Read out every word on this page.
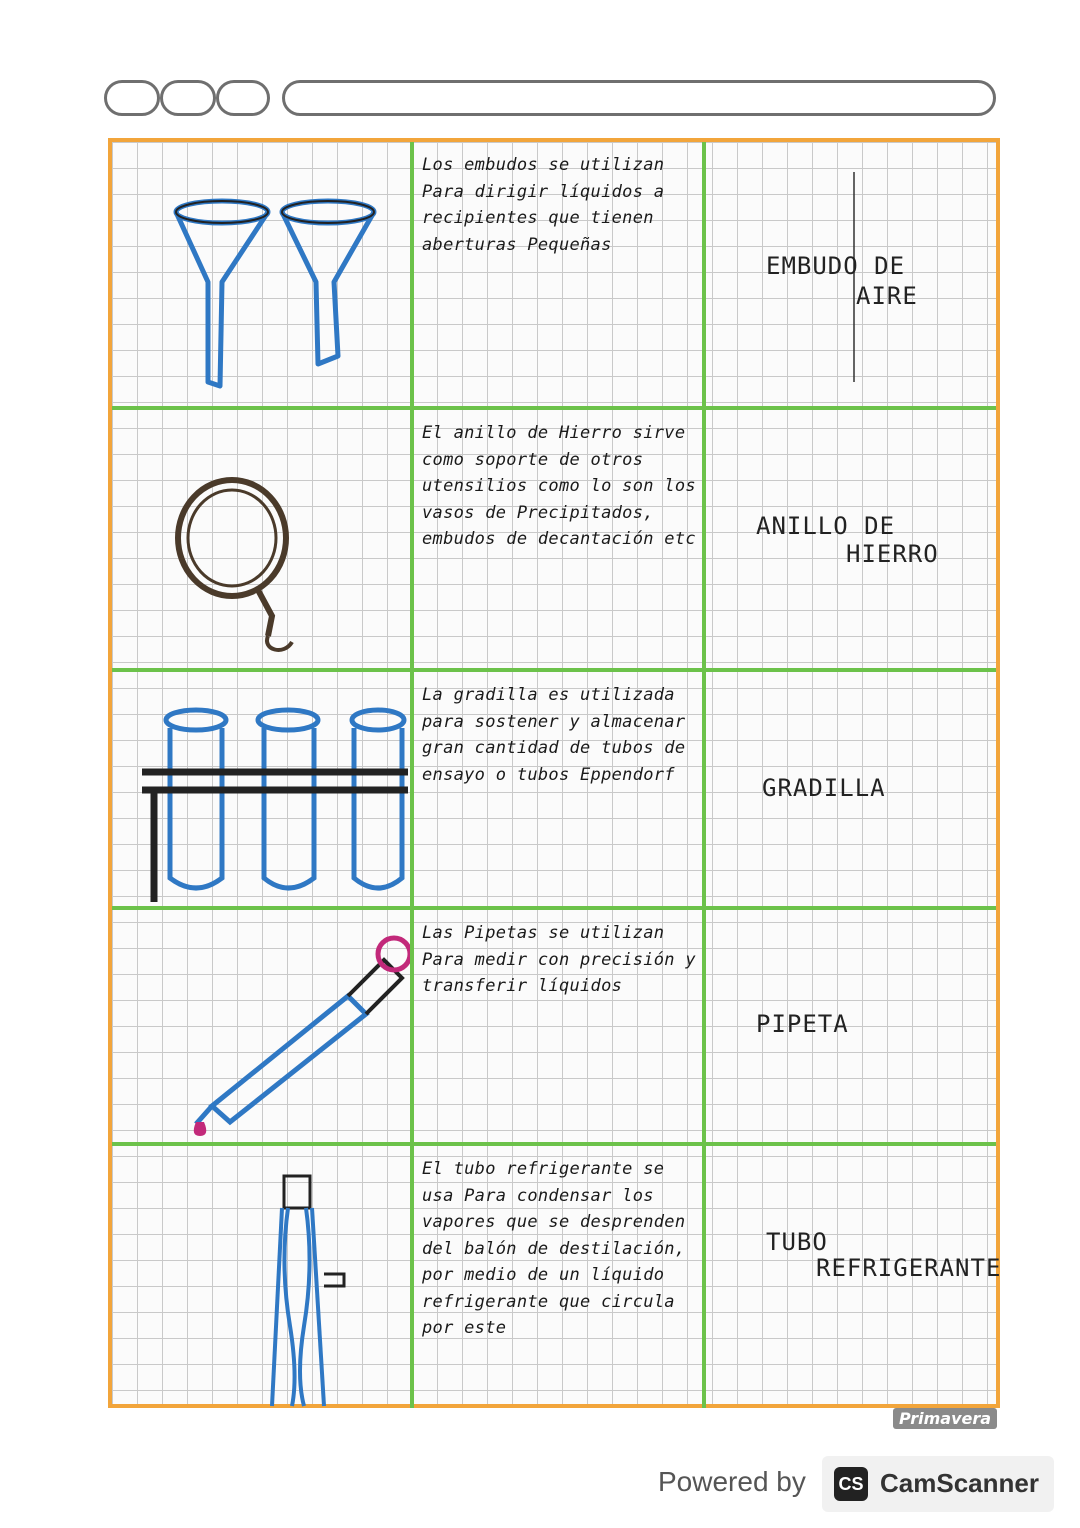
Los embudos se utilizan Para dirigir líquidos a recipientes que tienen aberturas Pequeñas
EMBUDO DE
AIRE
El anillo de Hierro sirve como soporte de otros utensilios como lo son los vasos de Precipitados, embudos de decantación etc	ANILLO DE
HIERRO
La gradilla es utilizada para sostener y almacenar gran cantidad de tubos de ensayo o tubos Eppendorf	GRADILLA
Las Pipetas se utilizan Para medir con precisión y transferir líquidos
PIPETA
El tubo refrigerante se usa Para condensar los vapores que se desprenden del balón de destilación, por medio de un líquido refrigerante que circula por este
TUBO
REFRIGERANTE
Primavera
Powered by CS CamScanner
